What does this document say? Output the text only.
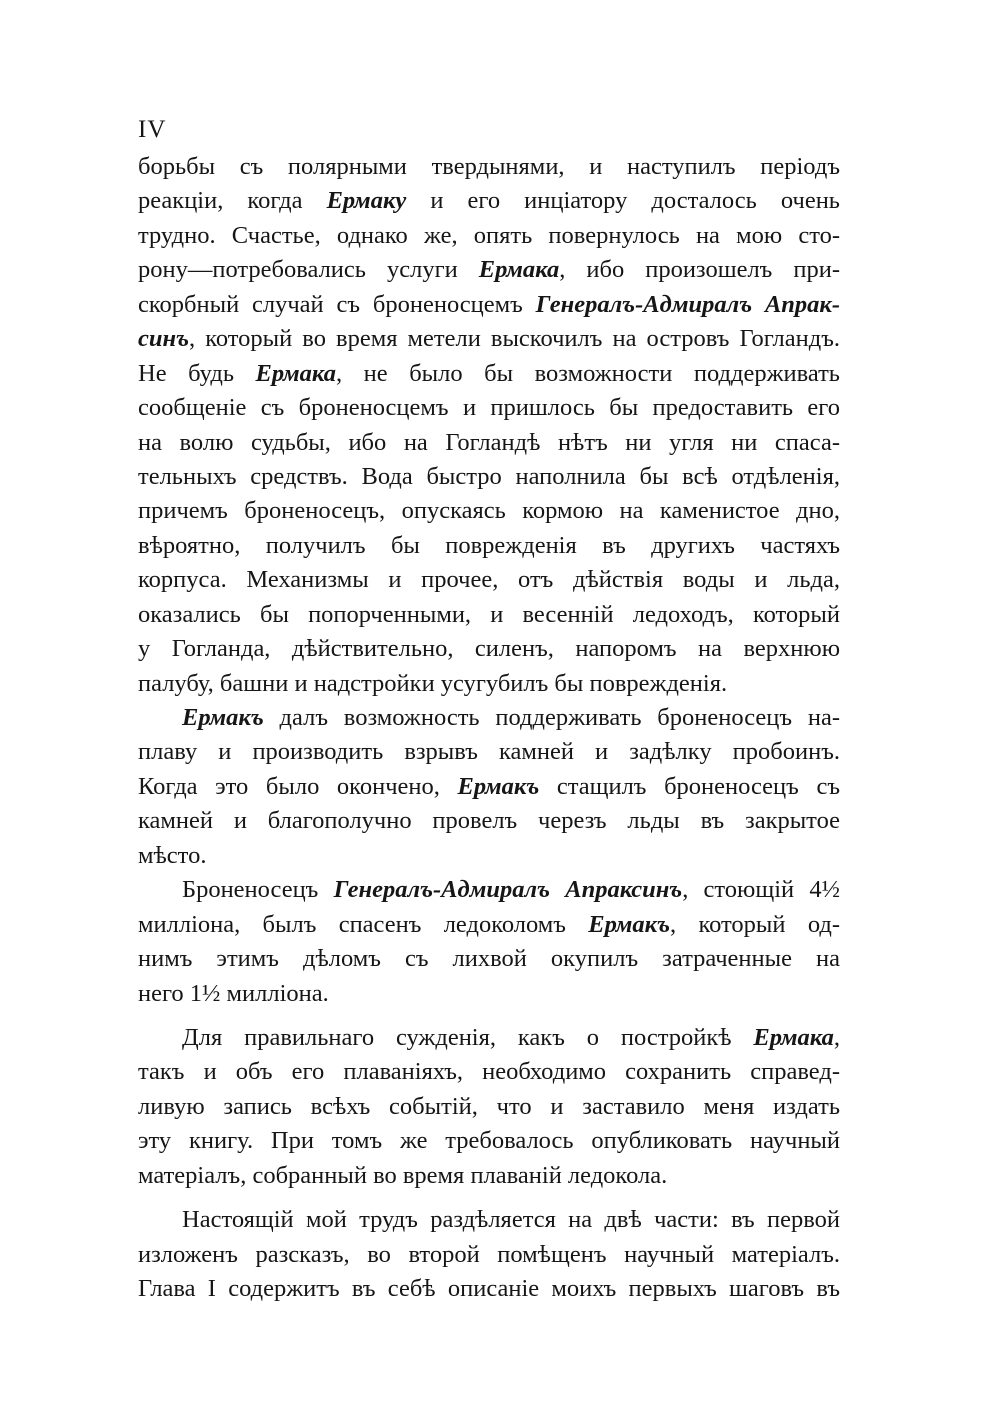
IV
борьбы съ полярными твердынями, и наступилъ періодъ
реакціи, когда Ермаку и его инціатору досталось очень
трудно. Счастье, однако же, опять повернулось на мою сто-
рону—потребовались услуги Ермака, ибо произошелъ при-
скорбный случай съ броненосцемъ Генералъ-Адмиралъ Апрак-
синъ, который во время метели выскочилъ на островъ Гогландъ.
Не будь Ермака, не было бы возможности поддерживать
сообщеніе съ броненосцемъ и пришлось бы предоставить его
на волю судьбы, ибо на Гогландѣ нѣтъ ни угля ни спаса-
тельныхъ средствъ. Вода быстро наполнила бы всѣ отдѣленія,
причемъ броненосецъ, опускаясь кормою на каменистое дно,
вѣроятно, получилъ бы поврежденія въ другихъ частяхъ
корпуса. Механизмы и прочее, отъ дѣйствія воды и льда,
оказались бы попорченными, и весенній ледоходъ, который
у Гогланда, дѣйствительно, силенъ, напоромъ на верхнюю
палубу, башни и надстройки усугубилъ бы поврежденія.
Ермакъ далъ возможность поддерживать броненосецъ на-
плаву и производить взрывъ камней и задѣлку пробоинъ.
Когда это было окончено, Ермакъ стащилъ броненосецъ съ
камней и благополучно провелъ черезъ льды въ закрытое
мѣсто.
Броненосецъ Генералъ-Адмиралъ Апраксинъ, стоющій 4½
милліона, былъ спасенъ ледоколомъ Ермакъ, который од-
нимъ этимъ дѣломъ съ лихвой окупилъ затраченные на
него 1½ милліона.
Для правильнаго сужденія, какъ о постройкѣ Ермака,
такъ и объ его плаваніяхъ, необходимо сохранить справед-
ливую запись всѣхъ событій, что и заставило меня издать
эту книгу. При томъ же требовалось опубликовать научный
матеріалъ, собранный во время плаваній ледокола.
Настоящій мой трудъ раздѣляется на двѣ части: въ первой
изложенъ разсказъ, во второй помѣщенъ научный матеріалъ.
Глава I содержитъ въ себѣ описаніе моихъ первыхъ шаговъ въ
